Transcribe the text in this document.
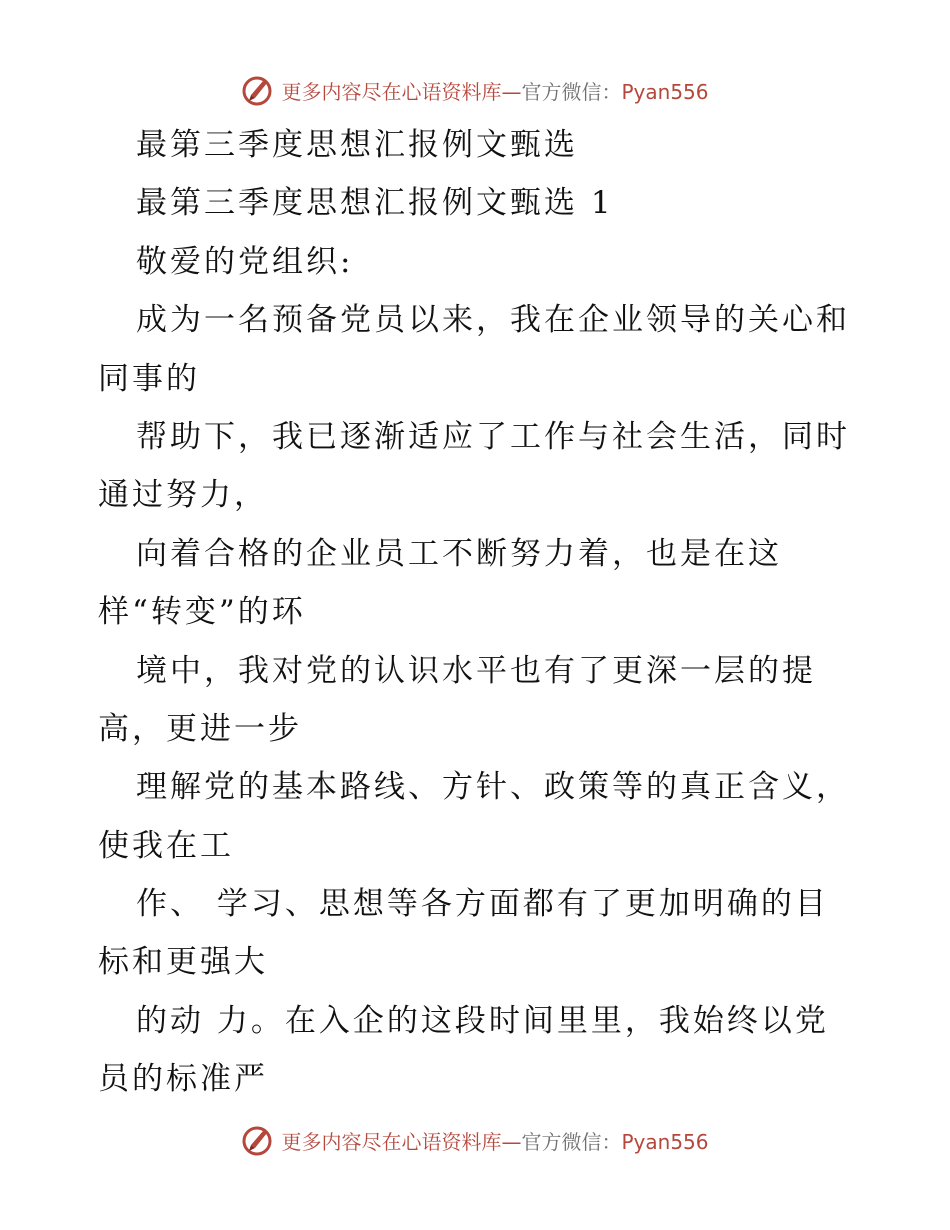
更多内容尽在心语资料库—官方微信：Pyan556
最第三季度思想汇报例文甄选
最第三季度思想汇报例文甄选 1
敬爱的党组织:
成为一名预备党员以来，我在企业领导的关心和
同事的
帮助下，我已逐渐适应了工作与社会生活，同时
通过努力，
向着合格的企业员工不断努力着，也是在这
样“转变”的环
境中，我对党的认识水平也有了更深一层的提
高，更进一步
理解党的基本路线、方针、政策等的真正含义，
使我在工
作、 学习、思想等各方面都有了更加明确的目
标和更强大
的动 力。在入企的这段时间里里，我始终以党
员的标准严
更多内容尽在心语资料库—官方微信：Pyan556
